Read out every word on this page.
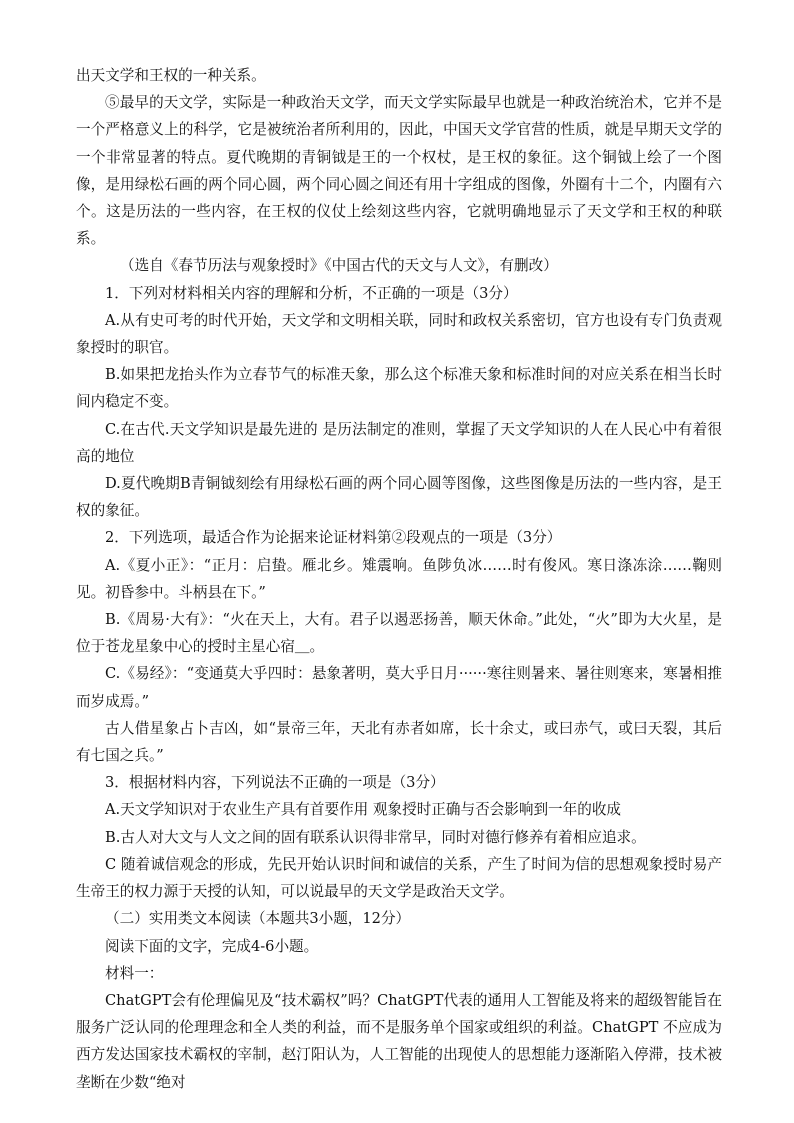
出天文学和王权的一种关系。

⑤最早的天文学，实际是一种政治天文学，而天文学实际最早也就是一种政治统治术，它并不是一个严格意义上的科学，它是被统治者所利用的，因此，中国天文学官营的性质，就是早期天文学的一个非常显著的特点。夏代晚期的青铜钺是王的一个权杖，是王权的象征。这个铜钺上绘了一个图像，是用绿松石画的两个同心圆，两个同心圆之间还有用十字组成的图像，外圈有十二个，内圈有六个。这是历法的一些内容，在王权的仪仗上绘刻这些内容，它就明确地显示了天文学和王权的种联系。

（选自《春节历法与观象授时》《中国古代的天文与人文》，有删改）

1．下列对材料相关内容的理解和分析，不正确的一项是（3分）

A.从有史可考的时代开始，天文学和文明相关联，同时和政权关系密切，官方也设有专门负责观象授时的职官。

B.如果把龙抬头作为立春节气的标准天象，那么这个标准天象和标准时间的对应关系在相当长时间内稳定不变。

C.在古代.天文学知识是最先进的 是历法制定的准则，掌握了天文学知识的人在人民心中有着很高的地位

D.夏代晚期B青铜钺刻绘有用绿松石画的两个同心圆等图像，这些图像是历法的一些内容，是王权的象征。

2．下列选项，最适合作为论据来论证材料第②段观点的一项是（3分）

A.《夏小正》：“正月：启蛰。雁北乡。雉震响。鱼陟负冰……时有俊风。寒日涤冻涂……鞠则见。初昏参中。斗柄县在下。”

B.《周易·大有》：“火在天上，大有。君子以遏恶扬善，顺天休命。”此处，“火”即为大火星，是位于苍龙星象中心的授时主星心宿＿。

C.《易经》：“变通莫大乎四时：悬象著明，莫大乎日月······寒往则暑来、暑往则寒来，寒暑相推而岁成焉。”

古人借星象占卜吉凶，如“景帝三年，天北有赤者如席，长十余丈，或曰赤气，或曰天裂，其后有七国之兵。”

3．根据材料内容，下列说法不正确的一项是（3分）

A.天文学知识对于农业生产具有首要作用 观象授时正确与否会影响到一年的收成

B.古人对大文与人文之间的固有联系认识得非常早，同时对德行修养有着相应追求。

C 随着诚信观念的形成，先民开始认识时间和诚信的关系，产生了时间为信的思想观象授时易产生帝王的权力源于天授的认知，可以说最早的天文学是政治天文学。

（二）实用类文本阅读（本题共3小题，12分）

阅读下面的文字，完成4-6小题。

材料一：

ChatGPT会有伦理偏见及“技术霸权”吗？ChatGPT代表的通用人工智能及将来的超级智能旨在服务广泛认同的伦理理念和全人类的利益，而不是服务单个国家或组织的利益。ChatGPT 不应成为西方发达国家技术霸权的宰制，赵汀阳认为，人工智能的出现使人的思想能力逐渐陷入停滞，技术被垄断在少数“绝对
